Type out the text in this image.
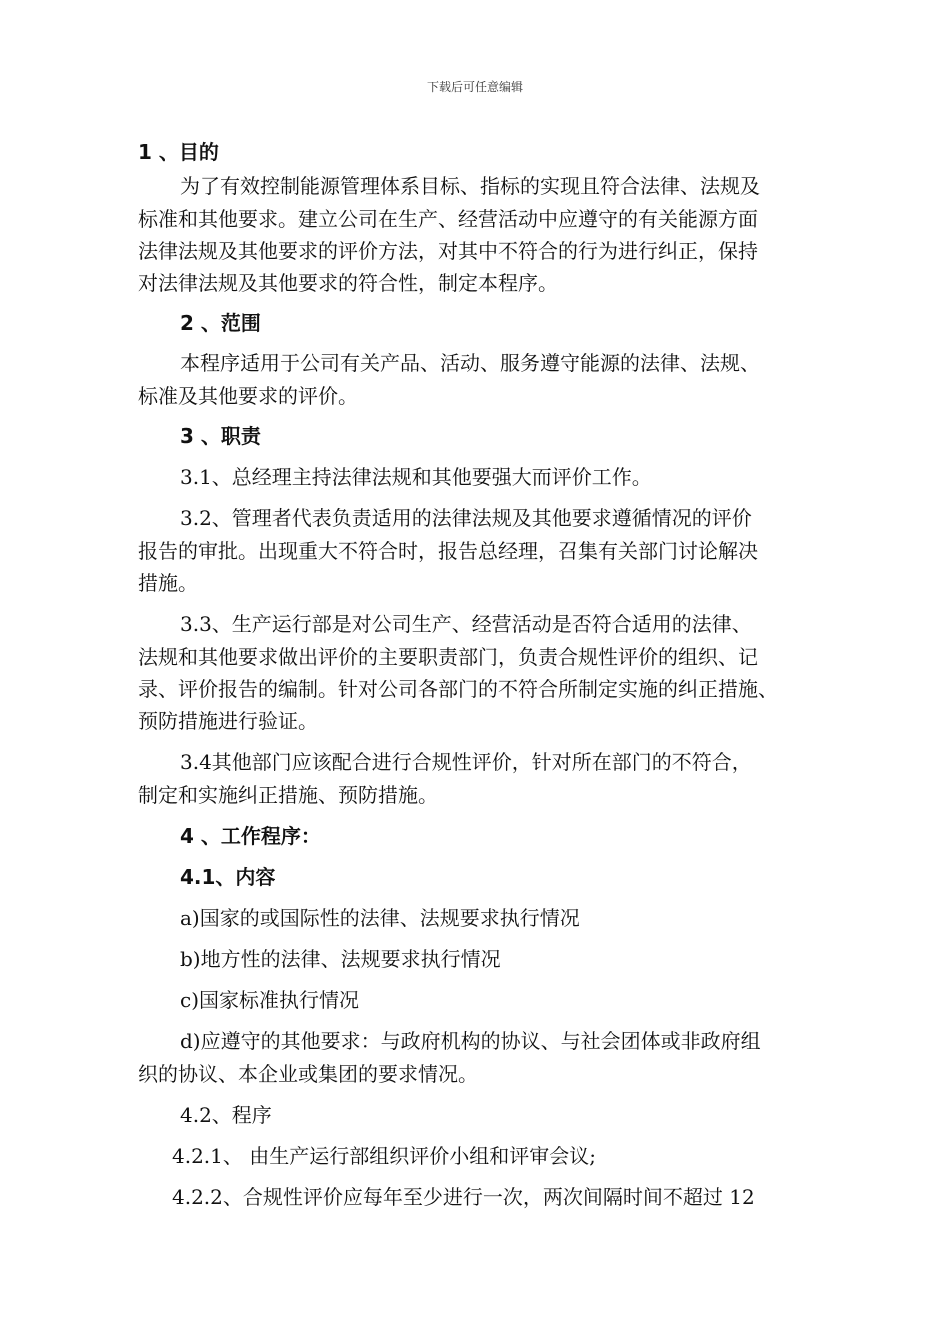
下载后可任意编辑
1 、目的
为了有效控制能源管理体系目标、指标的实现且符合法律、法规及
标准和其他要求。建立公司在生产、经营活动中应遵守的有关能源方面
法律法规及其他要求的评价方法，对其中不符合的行为进行纠正，保持
对法律法规及其他要求的符合性，制定本程序。
2 、范围
本程序适用于公司有关产品、活动、服务遵守能源的法律、法规、
标准及其他要求的评价。
3 、职责
3.1、总经理主持法律法规和其他要强大而评价工作。
3.2、管理者代表负责适用的法律法规及其他要求遵循情况的评价
报告的审批。出现重大不符合时，报告总经理，召集有关部门讨论解决
措施。
3.3、生产运行部是对公司生产、经营活动是否符合适用的法律、
法规和其他要求做出评价的主要职责部门，负责合规性评价的组织、记
录、评价报告的编制。针对公司各部门的不符合所制定实施的纠正措施、
预防措施进行验证。
3.4其他部门应该配合进行合规性评价，针对所在部门的不符合，
制定和实施纠正措施、预防措施。
4 、工作程序：
4.1、内容
a)国家的或国际性的法律、法规要求执行情况
b)地方性的法律、法规要求执行情况
c)国家标准执行情况
d)应遵守的其他要求：与政府机构的协议、与社会团体或非政府组
织的协议、本企业或集团的要求情况。
4.2、程序
4.2.1、 由生产运行部组织评价小组和评审会议;
4.2.2、合规性评价应每年至少进行一次，两次间隔时间不超过 12
